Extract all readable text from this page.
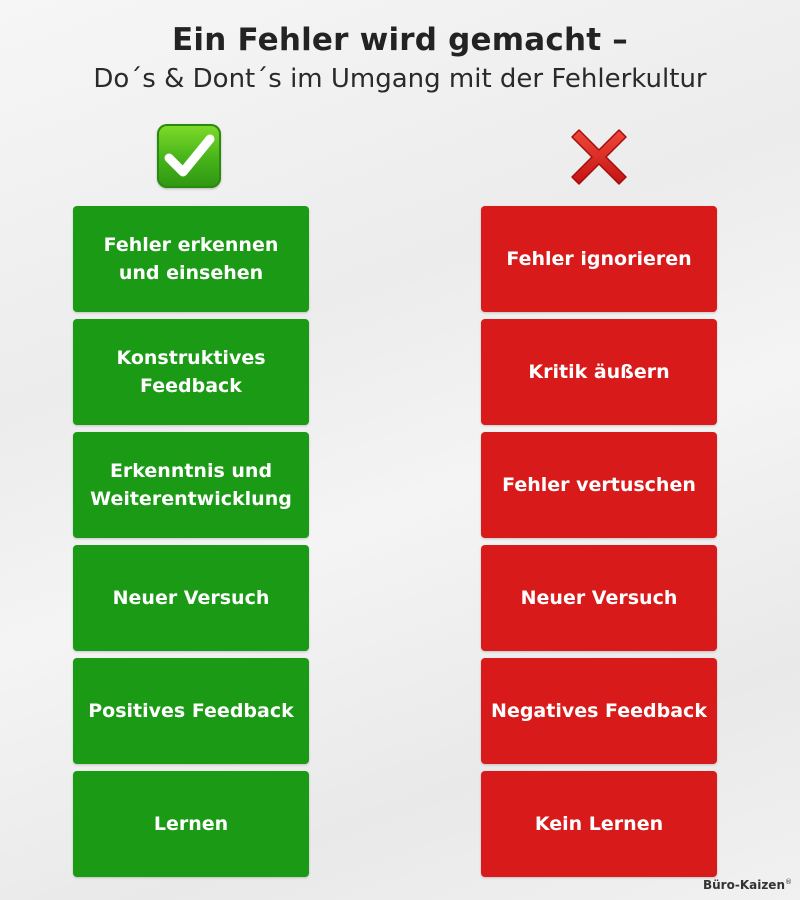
Ein Fehler wird gemacht –
Do´s & Dont´s im Umgang mit der Fehlerkultur
Fehler erkennen
und einsehen
Konstruktives
Feedback
Erkenntnis und
Weiterentwicklung
Neuer Versuch
Positives Feedback
Lernen
Fehler ignorieren
Kritik äußern
Fehler vertuschen
Neuer Versuch
Negatives Feedback
Kein Lernen
Büro-Kaizen®
